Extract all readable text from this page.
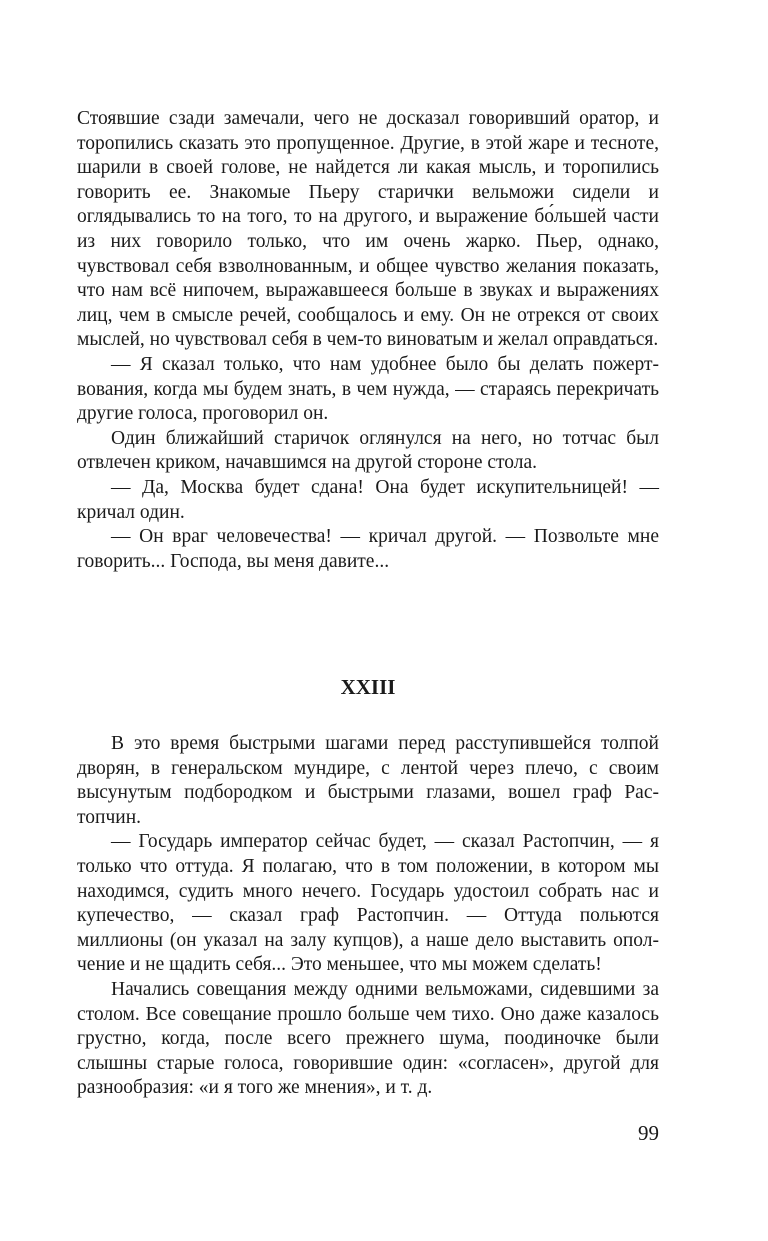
Стоявшие сзади замечали, чего не досказал говоривший оратор, и торопились сказать это пропущенное. Другие, в этой жаре и тесноте, шарили в своей голове, не найдется ли какая мысль, и торопились говорить ее. Знакомые Пьеру старички вельможи сидели и оглядывались то на того, то на другого, и выражение бо́льшей части из них говорило только, что им очень жарко. Пьер, однако, чувствовал себя взволнованным, и общее чувство желания показать, что нам всё нипочем, выражавшееся больше в звуках и выражениях лиц, чем в смысле речей, сообщалось и ему. Он не отрекся от своих мыслей, но чувствовал себя в чем-то виноватым и желал оправдаться.

— Я сказал только, что нам удобнее было бы делать пожертвования, когда мы будем знать, в чем нужда, — стараясь перекричать другие голоса, проговорил он.

Один ближайший старичок оглянулся на него, но тотчас был отвлечен криком, начавшимся на другой стороне стола.

— Да, Москва будет сдана! Она будет искупительницей! — кричал один.

— Он враг человечества! — кричал другой. — Позвольте мне говорить... Господа, вы меня давите...

XXIII

В это время быстрыми шагами перед расступившейся толпой дворян, в генеральском мундире, с лентой через плечо, с своим высунутым подбородком и быстрыми глазами, вошел граф Растопчин.

— Государь император сейчас будет, — сказал Растопчин, — я только что оттуда. Я полагаю, что в том положении, в котором мы находимся, судить много нечего. Государь удостоил собрать нас и купечество, — сказал граф Растопчин. — Оттуда польются миллионы (он указал на залу купцов), а наше дело выставить ополчение и не щадить себя... Это меньшее, что мы можем сделать!

Начались совещания между одними вельможами, сидевшими за столом. Все совещание прошло больше чем тихо. Оно даже казалось грустно, когда, после всего прежнего шума, поодиночке были слышны старые голоса, говорившие один: «согласен», другой для разнообразия: «и я того же мнения», и т. д.

99
